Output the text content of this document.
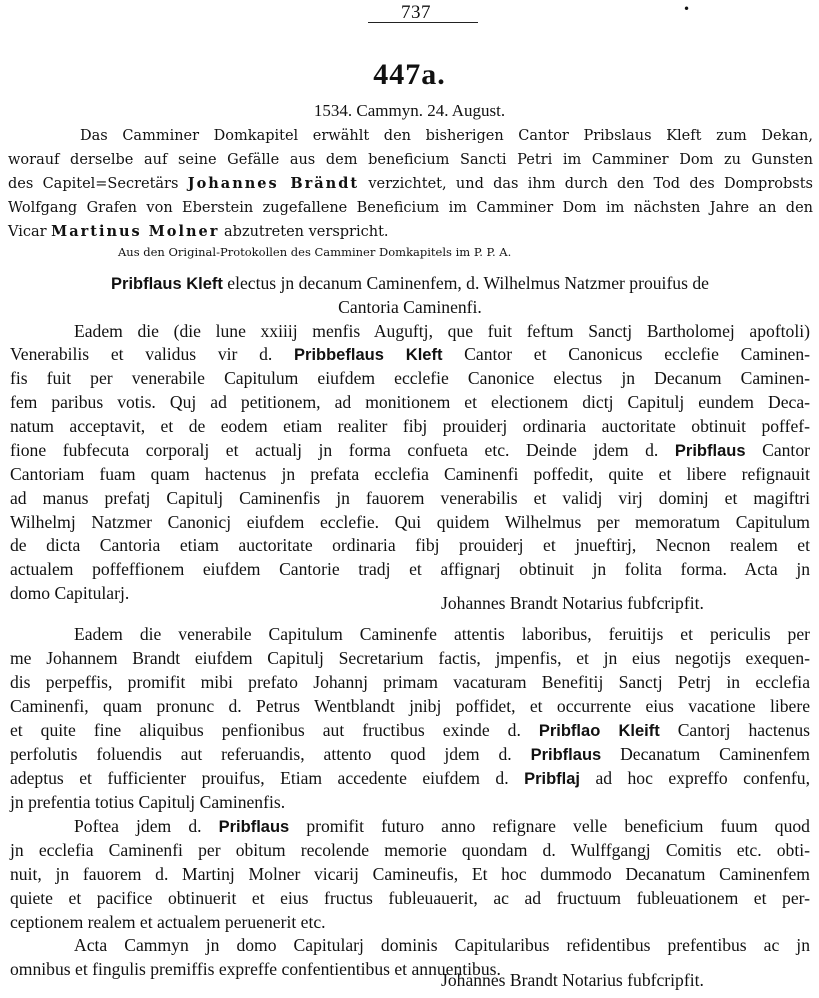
737	•
447a.
1534. Cammyn. 24. August.
Das Camminer Domkapitel erwählt den bisherigen Cantor Pribslaus Kleft zum Dekan,
worauf derselbe auf seine Gefälle aus dem beneficium Sancti Petri im Camminer Dom zu Gunsten
des Capitel=Secretärs Johannes Brändt verzichtet, und das ihm durch den Tod des Domprobsts
Wolfgang Grafen von Eberstein zugefallene Beneficium im Camminer Dom im nächsten Jahre an den
Vicar Martinus Molner abzutreten verspricht.
Aus den Original-Protokollen des Camminer Domkapitels im P. P. A.
Pribflaus Kleft electus jn decanum Caminenfem, d. Wilhelmus Natzmer prouifus de
Cantoria Caminenfi.
Eadem die (die lune xxiiij menfis Auguftj, que fuit feftum Sanctj Bartholomej apoftoli)
Venerabilis et validus vir d. Pribbeflaus Kleft Cantor et Canonicus ecclefie Caminen-
fis fuit per venerabile Capitulum eiufdem ecclefie Canonice electus jn Decanum Caminen-
fem paribus votis. Quj ad petitionem, ad monitionem et electionem dictj Capitulj eundem Deca-
natum acceptavit, et de eodem etiam realiter fibj prouiderj ordinaria auctoritate obtinuit poffef-
fione fubfecuta corporalj et actualj jn forma confueta etc. Deinde jdem d. Pribflaus Cantor
Cantoriam fuam quam hactenus jn prefata ecclefia Caminenfi poffedit, quite et libere refignauit
ad manus prefatj Capitulj Caminenfis jn fauorem venerabilis et validj virj dominj et magiftri
Wilhelmj Natzmer Canonicj eiufdem ecclefie. Qui quidem Wilhelmus per memoratum Capitulum
de dicta Cantoria etiam auctoritate ordinaria fibj prouiderj et jnueftirj, Necnon realem et
actualem poffeffionem eiufdem Cantorie tradj et affignarj obtinuit jn folita forma. Acta jn
domo Capitularj.	Johannes Brandt Notarius fubfcripfit.
Eadem die venerabile Capitulum Caminenfe attentis laboribus, feruitijs et periculis per
me Johannem Brandt eiufdem Capitulj Secretarium factis, jmpenfis, et jn eius negotijs exequen-
dis perpeffis, promifit mibi prefato Johannj primam vacaturam Benefitij Sanctj Petrj in ecclefia
Caminenfi, quam pronunc d. Petrus Wentblandt jnibj poffidet, et occurrente eius vacatione libere
et quite fine aliquibus penfionibus aut fructibus exinde d. Pribflao Kleift Cantorj hactenus
perfolutis foluendis aut referuandis, attento quod jdem d. Pribflaus Decanatum Caminenfem
adeptus et fufficienter prouifus, Etiam accedente eiufdem d. Pribflaj ad hoc expreffo confenfu,
jn prefentia totius Capitulj Caminenfis.
Poftea jdem d. Pribflaus promifit futuro anno refignare velle beneficium fuum quod
jn ecclefia Caminenfi per obitum recolende memorie quondam d. Wulffgangj Comitis etc. obti-
nuit, jn fauorem d. Martinj Molner vicarij Camineufis, Et hoc dummodo Decanatum Caminenfem
quiete et pacifice obtinuerit et eius fructus fubleuauerit, ac ad fructuum fubleuationem et per-
ceptionem realem et actualem peruenerit etc.
Acta Cammyn jn domo Capitularj dominis Capitularibus refidentibus prefentibus ac jn
omnibus et fingulis premiffis expreffe confentientibus et annuentibus.
Johannes Brandt Notarius fubfcripfit.
